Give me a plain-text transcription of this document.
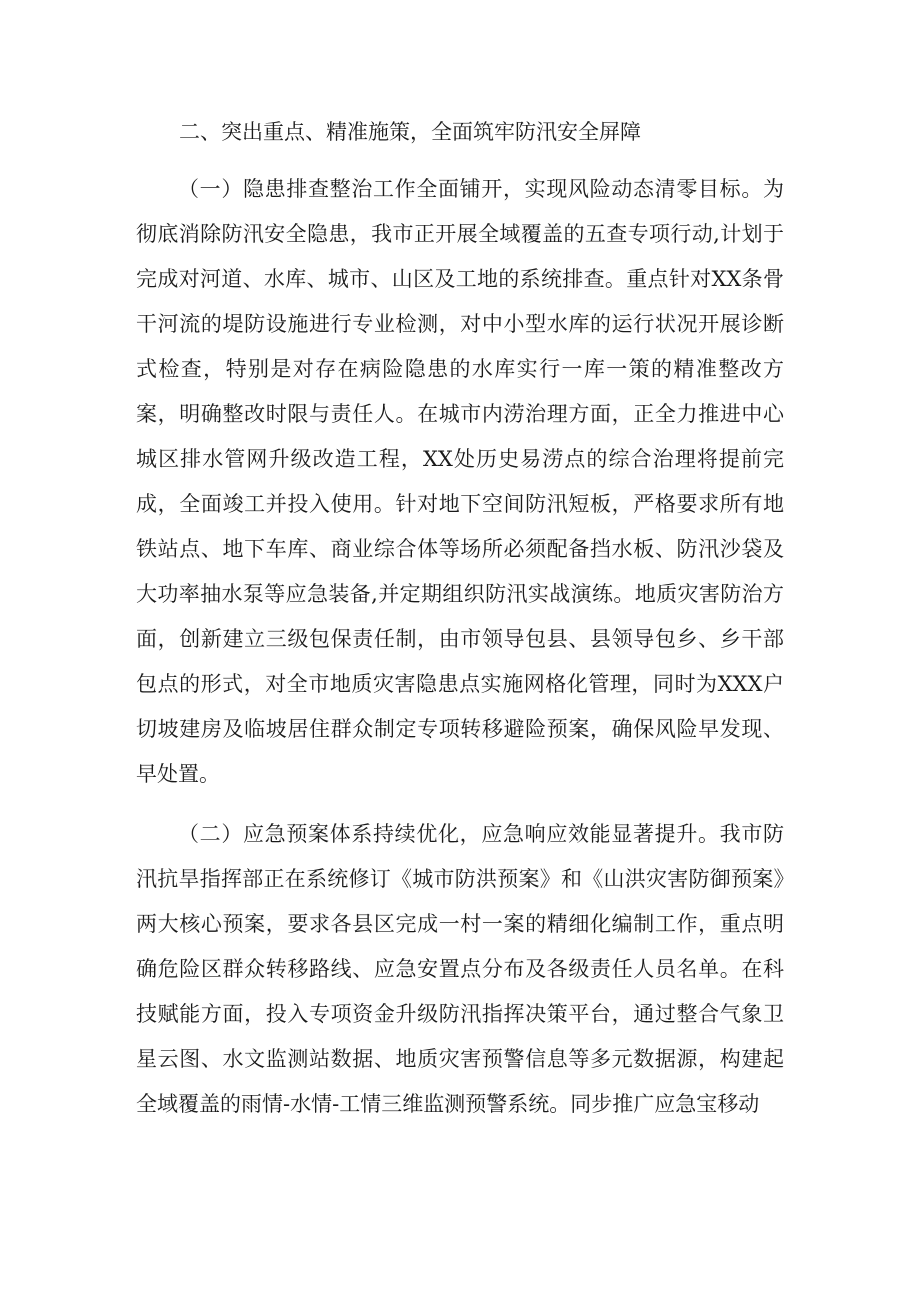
二、突出重点、精准施策，全面筑牢防汛安全屏障

（一）隐患排查整治工作全面铺开，实现风险动态清零目标。为彻底消除防汛安全隐患，我市正开展全域覆盖的五查专项行动,计划于完成对河道、水库、城市、山区及工地的系统排查。重点针对XX条骨干河流的堤防设施进行专业检测，对中小型水库的运行状况开展诊断式检查，特别是对存在病险隐患的水库实行一库一策的精准整改方案，明确整改时限与责任人。在城市内涝治理方面，正全力推进中心城区排水管网升级改造工程，XX处历史易涝点的综合治理将提前完成，全面竣工并投入使用。针对地下空间防汛短板，严格要求所有地铁站点、地下车库、商业综合体等场所必须配备挡水板、防汛沙袋及大功率抽水泵等应急装备,并定期组织防汛实战演练。地质灾害防治方面，创新建立三级包保责任制，由市领导包县、县领导包乡、乡干部包点的形式，对全市地质灾害隐患点实施网格化管理，同时为XXX户切坡建房及临坡居住群众制定专项转移避险预案，确保风险早发现、早处置。

（二）应急预案体系持续优化，应急响应效能显著提升。我市防汛抗旱指挥部正在系统修订《城市防洪预案》和《山洪灾害防御预案》两大核心预案，要求各县区完成一村一案的精细化编制工作，重点明确危险区群众转移路线、应急安置点分布及各级责任人员名单。在科技赋能方面，投入专项资金升级防汛指挥决策平台，通过整合气象卫星云图、水文监测站数据、地质灾害预警信息等多元数据源，构建起全域覆盖的雨情-水情-工情三维监测预警系统。同步推广应急宝移动
